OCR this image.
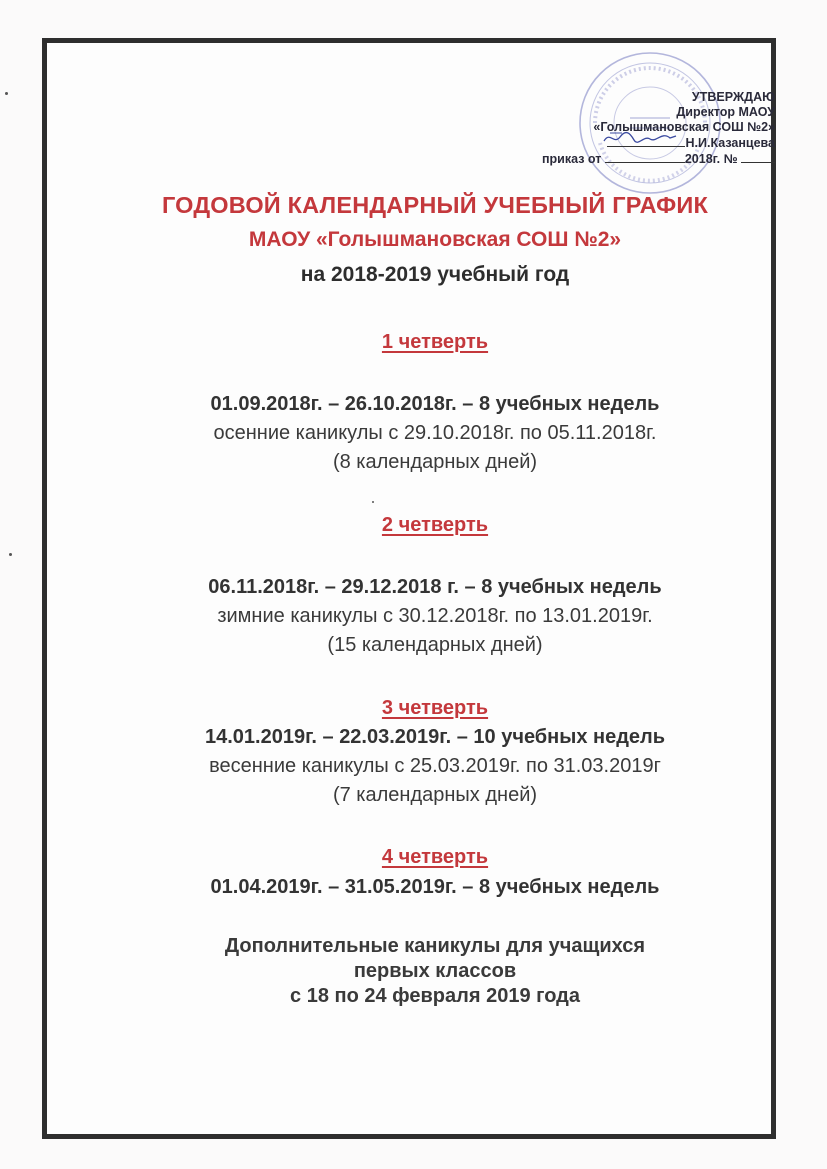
УТВЕРЖДАЮ
Директор МАОУ
«Голышмановская СОШ №2»
Н.И.Казанцева
приказ от	2018г. №
ГОДОВОЙ КАЛЕНДАРНЫЙ УЧЕБНЫЙ ГРАФИК
МАОУ «Голышмановская СОШ №2»
на 2018-2019 учебный год
1 четверть
01.09.2018г. – 26.10.2018г. – 8 учебных недель
осенние каникулы с 29.10.2018г. по 05.11.2018г.
(8 календарных дней)
2 четверть
06.11.2018г. – 29.12.2018 г. – 8 учебных недель
зимние каникулы с 30.12.2018г. по 13.01.2019г.
(15 календарных дней)
3 четверть
14.01.2019г. – 22.03.2019г. – 10 учебных недель
весенние каникулы с 25.03.2019г. по 31.03.2019г
(7 календарных дней)
4 четверть
01.04.2019г. – 31.05.2019г. – 8 учебных недель
Дополнительные каникулы для учащихся
первых классов
с 18 по 24 февраля 2019 года
